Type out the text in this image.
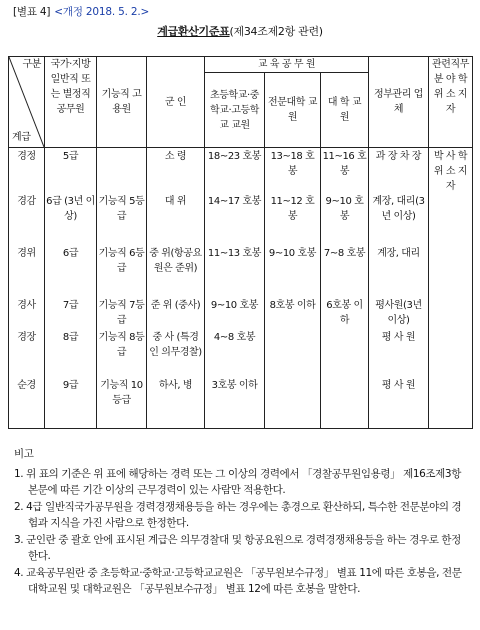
[별표 4] <개정 2018. 5. 2.>
계급환산기준표(제34조제2항 관련)
구분
계급	국가·지방일반직 또는 별정직공무원	기능직 고용원	군 인	교 육 공 무 원			정부관리 업체	관련직무 분 야 학 위 소 지 자
				초등학교·중학교·고등학교 교원	전문대학 교 원	대 학 교 원		
경정	5급		소 령	18~23 호봉	13~18 호봉	11~16 호봉	과 장 차 장	박 사 학 위 소 지 자
경감	6급 (3년 이상)	기능직 5등급	대 위	14~17 호봉	11~12 호봉	9~10 호봉	계장, 대리(3년 이상)	
경위	6급	기능직 6등급	중 위(항공요원은 준위)	11~13 호봉	9~10 호봉	7~8 호봉	계장, 대리	
경사	7급	기능직 7등급	준 위 (중사)	9~10 호봉	8호봉 이하	6호봉 이하	평사원(3년 이상)	
경장	8급	기능직 8등급	중 사 (특경인 의무경찰)	4~8 호봉			평 사 원	
순경	9급	기능직 10등급	하사, 병	3호봉 이하			평 사 원	
비고
1. 위 표의 기준은 위 표에 해당하는 경력 또는 그 이상의 경력에서 「경찰공무원임용령」 제16조제3항 본문에 따른 기간 이상의 근무경력이 있는 사람만 적용한다.
2. 4급 일반직국가공무원을 경력경쟁채용등을 하는 경우에는 총경으로 환산하되, 특수한 전문분야의 경험과 지식을 가진 사람으로 한정한다.
3. 군인란 중 괄호 안에 표시된 계급은 의무경찰대 및 항공요원으로 경력경쟁채용등을 하는 경우로 한정한다.
4. 교육공무원란 중 초등학교·중학교·고등학교교원은 「공무원보수규정」 별표 11에 따른 호봉을, 전문대학교원 및 대학교원은 「공무원보수규정」 별표 12에 따른 호봉을 말한다.
